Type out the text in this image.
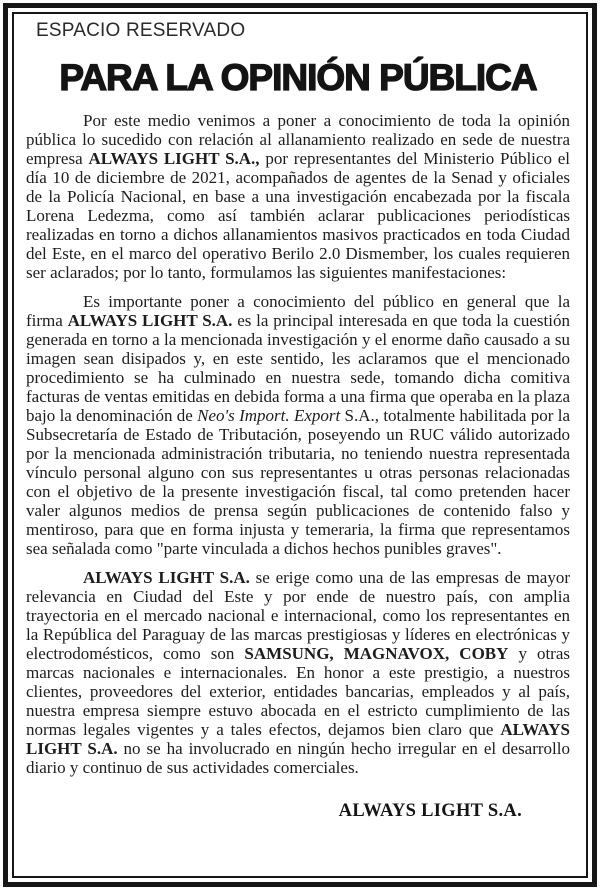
ESPACIO RESERVADO
PARA LA OPINIÓN PÚBLICA

Por este medio venimos a poner a conocimiento de toda la opinión pública lo sucedido con relación al allanamiento realizado en sede de nuestra empresa ALWAYS LIGHT S.A., por representantes del Ministerio Público el día 10 de diciembre de 2021, acompañados de agentes de la Senad y oficiales de la Policía Nacional, en base a una investigación encabezada por la fiscala Lorena Ledezma, como así también aclarar publicaciones periodísticas realizadas en torno a dichos allanamientos masivos practicados en toda Ciudad del Este, en el marco del operativo Berilo 2.0 Dismember, los cuales requieren ser aclarados; por lo tanto, formulamos las siguientes manifestaciones:

Es importante poner a conocimiento del público en general que la firma ALWAYS LIGHT S.A. es la principal interesada en que toda la cuestión generada en torno a la mencionada investigación y el enorme daño causado a su imagen sean disipados y, en este sentido, les aclaramos que el mencionado procedimiento se ha culminado en nuestra sede, tomando dicha comitiva facturas de ventas emitidas en debida forma a una firma que operaba en la plaza bajo la denominación de Neo's Import. Export S.A., totalmente habilitada por la Subsecretaría de Estado de Tributación, poseyendo un RUC válido autorizado por la mencionada administración tributaria, no teniendo nuestra representada vínculo personal alguno con sus representantes u otras personas relacionadas con el objetivo de la presente investigación fiscal, tal como pretenden hacer valer algunos medios de prensa según publicaciones de contenido falso y mentiroso, para que en forma injusta y temeraria, la firma que representamos sea señalada como "parte vinculada a dichos hechos punibles graves".

ALWAYS LIGHT S.A. se erige como una de las empresas de mayor relevancia en Ciudad del Este y por ende de nuestro país, con amplia trayectoria en el mercado nacional e internacional, como los representantes en la República del Paraguay de las marcas prestigiosas y líderes en electrónicas y electrodomésticos, como son SAMSUNG, MAGNAVOX, COBY y otras marcas nacionales e internacionales. En honor a este prestigio, a nuestros clientes, proveedores del exterior, entidades bancarias, empleados y al país, nuestra empresa siempre estuvo abocada en el estricto cumplimiento de las normas legales vigentes y a tales efectos, dejamos bien claro que ALWAYS LIGHT S.A. no se ha involucrado en ningún hecho irregular en el desarrollo diario y continuo de sus actividades comerciales.

ALWAYS LIGHT S.A.
